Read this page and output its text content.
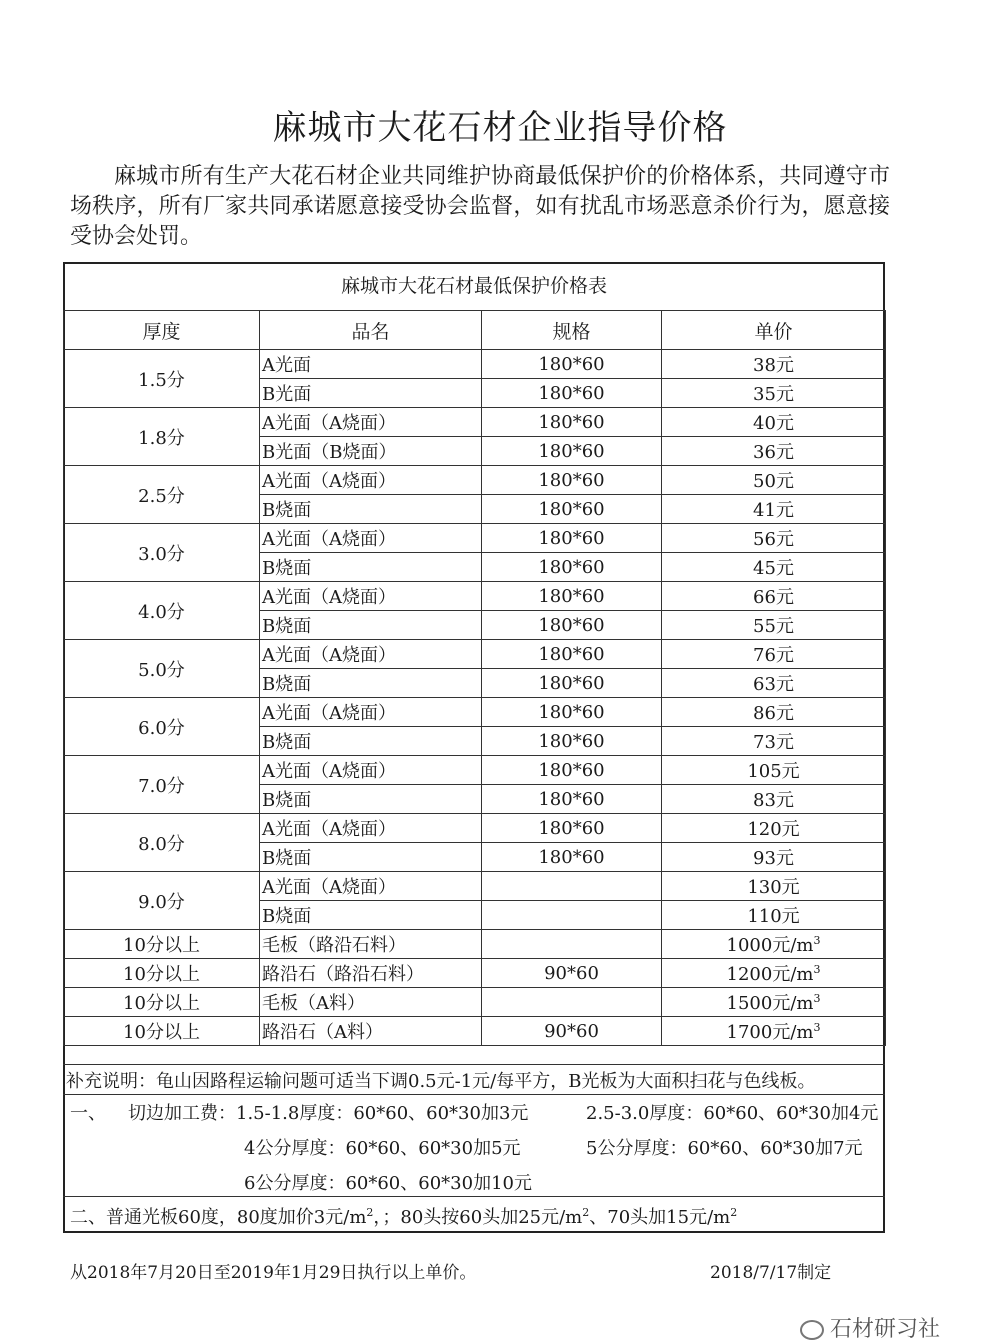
麻城市大花石材企业指导价格
麻城市所有生产大花石材企业共同维护协商最低保护价的价格体系，共同遵守市场秩序，所有厂家共同承诺愿意接受协会监督，如有扰乱市场恶意杀价行为，愿意接受协会处罚。
麻城市大花石材最低保护价格表
厚度	品名	规格	单价
1.5分	A光面	180*60	38元
	B光面	180*60	35元
1.8分	A光面（A烧面）	180*60	40元
	B光面（B烧面）	180*60	36元
2.5分	A光面（A烧面）	180*60	50元
	B烧面	180*60	41元
3.0分	A光面（A烧面）	180*60	56元
	B烧面	180*60	45元
4.0分	A光面（A烧面）	180*60	66元
	B烧面	180*60	55元
5.0分	A光面（A烧面）	180*60	76元
	B烧面	180*60	63元
6.0分	A光面（A烧面）	180*60	86元
	B烧面	180*60	73元
7.0分	A光面（A烧面）	180*60	105元
	B烧面	180*60	83元
8.0分	A光面（A烧面）	180*60	120元
	B烧面	180*60	93元
9.0分	A光面（A烧面）		130元
	B烧面		110元
10分以上	毛板（路沿石料）		1000元$/m^3$
10分以上	路沿石（路沿石料）	90*60	1200元$/m^3$
10分以上	毛板（A料）		1500元$/m^3$
10分以上	路沿石（A料）	90*60	1700元$/m^3$
补充说明：龟山因路程运输问题可适当下调0.5元-1元/每平方，B光板为大面积扫花与色线板。
一、 切边加工费：1.5-1.8厚度：60*60、60*30加3元	2.5-3.0厚度：60*60、60*30加4元
4公分厚度：60*60、60*30加5元	5公分厚度：60*60、60*30加7元
6公分厚度：60*60、60*30加10元
二、普通光板60度，80度加价3元$/m^2$，；80头按60头加25元$/m^2$、70头加15元$/m^2$
从2018年7月20日至2019年1月29日执行以上单价。	2018/7/17制定
石材研习社
